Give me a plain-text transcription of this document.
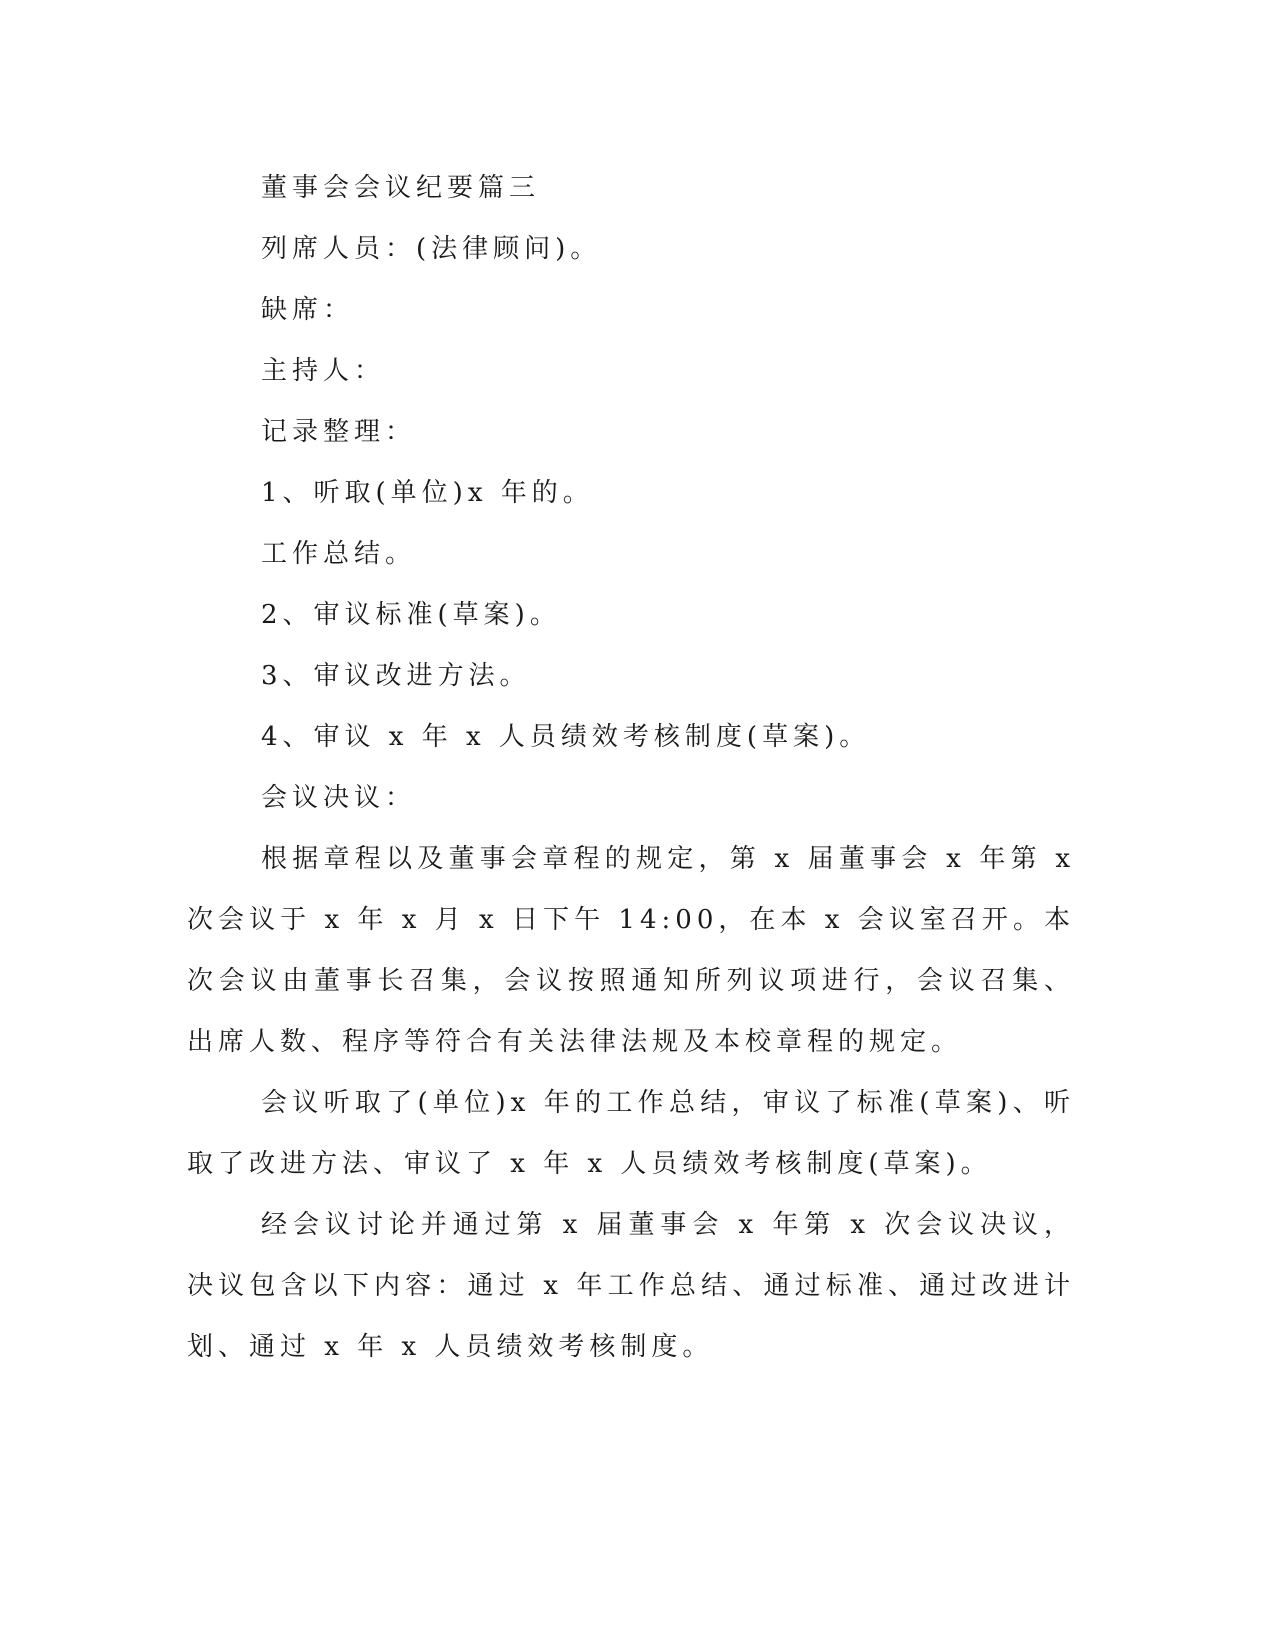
董事会会议纪要篇三

列席人员：(法律顾问)。

缺席：

主持人：

记录整理：

1、听取(单位)x 年的。

工作总结。

2、审议标准(草案)。

3、审议改进方法。

4、审议 x 年 x 人员绩效考核制度(草案)。

会议决议：

根据章程以及董事会章程的规定，第 x 届董事会 x 年第 x 次会议于 x 年 x 月 x 日下午 14:00，在本 x 会议室召开。本次会议由董事长召集，会议按照通知所列议项进行，会议召集、出席人数、程序等符合有关法律法规及本校章程的规定。

会议听取了(单位)x 年的工作总结，审议了标准(草案)、听取了改进方法、审议了 x 年 x 人员绩效考核制度(草案)。

经会议讨论并通过第 x 届董事会 x 年第 x 次会议决议，决议包含以下内容：通过 x 年工作总结、通过标准、通过改进计划、通过 x 年 x 人员绩效考核制度。
